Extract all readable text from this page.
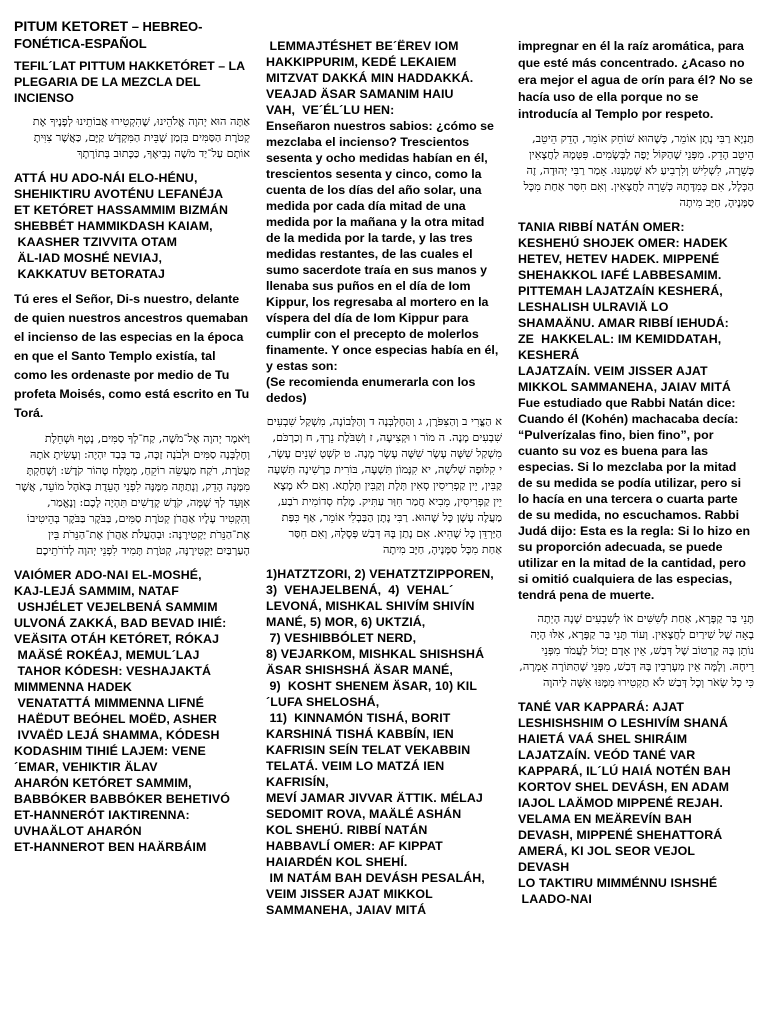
PITUM KETORET – HEBREO-FONÉTICA-ESPAÑOL

TEFIL´LAT PITTUM HAKKETÓRET – LA PLEGARIA DE LA MEZCLA DEL INCIENSO

אַתָּה הוּא יְהוָה אֱלֹהֵינוּ, שֶׁהִקְטִירוּ אֲבוֹתֵינוּ לְפָנֶיךָ אֶת קְטֹרֶת הַסַּמִּים בִּזְמַן שֶׁבֵּית הַמִּקְדָּשׁ קַיָּם, כַּאֲשֶׁר צִוִּיתָ אוֹתָם עַל־יַד מֹשֶׁה נְבִיאֶךָ, כַּכָּתוּב בְּתוֹרָתָךְ

ATTÁ HU ADO-NÁI ELO-HÉNU,
SHEHIKTIRU AVOTÉNU LEFANÉJA
ET KETÓRET HASSAMMIM BIZMÁN
SHEBBÉT HAMMIKDASH KAIAM,
KAASHER TZIVVITA OTAM
ÄL-IAD MOSHÉ NEVIAJ,
KAKKATUV BETORATAJ

Tú eres el Señor, Di-s nuestro, delante de quien nuestros ancestros quemaban el incienso de las especias en la época en que el Santo Templo existía, tal como les ordenaste por medio de Tu profeta Moisés, como está escrito en Tu Torá.

וַיֹּאמֶר יְהוָה אֶל־מֹשֶׁה, קַח־לְךָ סַמִּים, נָטָף וּשְׁחֵלֶת וְחֶלְבְּנָה סַמִּים וּלְבֹנָה זַכָּה, בַּד בְּבַד יִהְיֶה: וְעָשִׂיתָ אֹתָהּ קְטֹרֶת, רֹקַח מַעֲשֵׂה רוֹקֵחַ, מְמֻלָּח טָהוֹר קֹדֶשׁ: וְשָׁחַקְתָּ מִמֶּנָּה הָדֵק, וְנָתַתָּה מִמֶּנָּה לִפְנֵי הָעֵדֻת בְּאֹהֶל מוֹעֵד, אֲשֶׁר אִוָּעֵד לְךָ שָׁמָּה, קֹדֶשׁ קָדָשִׁים תִּהְיֶה לָכֶם: וְנֶאֱמַר, וְהִקְטִיר עָלָיו אַהֲרֹן קְטֹרֶת סַמִּים, בַּבֹּקֶר בַּבֹּקֶר בְּהֵיטִיבוֹ אֶת־הַנֵּרֹת יַקְטִירֶנָּה: וּבְהַעֲלֹת אַהֲרֹן אֶת־הַנֵּרֹת בֵּין הָעַרְבַּיִם יַקְטִירֶנָּה, קְטֹרֶת תָּמִיד לִפְנֵי יְהוָה לְדֹרֹתֵיכֶם

VAIÓMER ADO-NAI EL-MOSHÉ,
KAJ-LEJÁ SAMMIM, NATAF
USHJÉLET VEJELBENÁ SAMMIM
ULVONÁ ZAKKÁ, BAD BEVAD IHIÉ:
VEÄSITA OTÁH KETÓRET, RÓKAJ
MAÄSÉ ROKÉAJ, MEMUL´LAJ
TAHOR KÓDESH: VESHAJAKTÁ
MIMMENNA HADEK
VENATATTÁ MIMMENNA LIFNÉ
HAËDUT BEÓHEL MOËD, ASHER
IVVAËD LEJÁ SHAMMA, KÓDESH
KODASHIM TIHIÉ LAJEM: VENE
´EMAR, VEHIKTIR ÄLAV
AHARÓN KETÓRET SAMMIM,
BABBÓKER BABBÓKER BEHETIVÓ
ET-HANNERÓT IAKTIRENNA:
UVHAÄLOT AHARÓN
ET-HANNEROT BEN HAÄRBÁIM

LEMMAJTÉSHET BE´ËREV IOM
HAKKIPPURIM, KEDÉ LEKAIEM
MITZVAT DAKKÁ MIN HADDAKKÁ.
VEAJAD ÄSAR SAMANIM HAIU
VAH,  VE´ÉL´LU HEN:

Enseñaron nuestros sabios: ¿cómo se mezclaba el incienso? Trescientos sesenta y ocho medidas habían en él, trescientos sesenta y cinco, como la cuenta de los días del año solar, una medida por cada día mitad de una medida por la mañana y la otra mitad de la medida por la tarde, y las tres medidas restantes, de las cuales el sumo sacerdote traía en sus manos y llenaba sus puños en el día de Iom Kippur, los regresaba al mortero en la víspera del día de Iom Kippur para cumplir con el precepto de molerlos finamente. Y once especias había en él, y estas son:

(Se recomienda enumerarla con los dedos)

א הַצֳּרִי ב וְהַצִּפֹּרֶן, ג וְהַחֶלְבְּנָה ד וְהַלְּבוֹנָה, מִשְׁקַל שִׁבְעִים שִׁבְעִים מָנֶה. ה מוֹר ו וּקְצִיעָה, ז וְשִׁבֹּלֶת נֵרְדְּ, ח וְכַרְכֹּם, מִשְׁקַל שִׁשָּׁה עָשָׂר שִׁשָּׁה עָשָׂר מָנֶה. ט קֹשְׁטְ שְׁנֵים עָשָׂר, י קִלּוּפָה שְׁלשָׁה, יא קִנָּמוֹן תִּשְׁעָה, בּוֹרִית כַּרְשִׁינָה תִּשְׁעָה קַבִּין, יֵין קַפְרִיסִין סְאִין תְּלָת וְקַבִּין תְּלָתָא. וְאִם לֹא מָצָא יֵין קַפְרִיסִין, מֵבִיא חֲמַר חִוַּר עַתִּיק. מֶלַח סְדוֹמִית רֹבַע, מַעֲלֶה עָשָׁן כָּל שֶׁהוּא. רַבִּי נָתָן הַבַּבְלִי אוֹמֵר, אַף כִּפַּת הַיַּרְדֵּן כָּל שֶׁהִיא. אִם נָתַן בָּהּ דְּבַשׁ פְּסָלָהּ, וְאִם חִסַּר אַחַת מִכָּל סַמָּנֶיהָ, חַיָּב מִיתָה

1)HATZTZORI, 2) VEHATZTZIPPOREN,
3)  VEHAJELBENÁ,  4)  VEHAL´
LEVONÁ, MISHKAL SHIVÍM SHIVÍN
MANÉ, 5) MOR, 6) UKTZIÁ,
7) VESHIBBÓLET NERD,
8) VEJARKOM, MISHKAL SHISHSHÁ
ÄSAR SHISHSHÁ ÄSAR MANÉ,
9)  KOSHT SHENEM ÄSAR, 10) KIL
´LUFA SHELOSHÁ,
11)  KINNAMÓN TISHÁ, BORIT
KARSHINÁ TISHÁ KABBÍN, IEN
KAFRISIN SEÍN TELAT VEKABBIN
TELATÁ. VEIM LO MATZÁ IEN
KAFRISÍN,
MEVÍ JAMAR JIVVAR ÄTTIK. MÉLAJ
SEDOMIT ROVA, MAÄLÉ ASHÁN
KOL SHEHÚ. RIBBÍ NATÁN
HABBAVLÍ OMER: AF KIPPAT
HAIARDÉN KOL SHEHÍ.
IM NATÁM BAH DEVÁSH PESALÁH,
VEIM JISSER AJAT MIKKOL
SAMMANEHA, JAIAV MITÁ

impregnar en él la raíz aromática, para que esté más concentrado. ¿Acaso no era mejor el agua de orín para él? No se hacía uso de ella porque no se introducía al Templo por respeto.

תַּנְיָא רַבִּי נָתָן אוֹמֵר, כְּשֶׁהוּא שׁוֹחֵק אוֹמֵר, הָדֵק הֵיטֵב, הֵיטֵב הָדֵק. מִפְּנֵי שֶׁהַקּוֹל יָפֶה לַבְּשָׂמִים. פִּטְּמָהּ לַחֲצָאִין כְּשֵׁרָה, לִשְׁלִישׁ וְלִרְבִיעַ לֹא שָׁמַעְנוּ. אָמַר רַבִּי יְהוּדָה, זֶה הַכְּלָל, אִם כְּמִדָּתָהּ כְּשֵׁרָה לַחֲצָאִין. וְאִם חִסַּר אַחַת מִכָּל סַמָּנֶיהָ, חַיָּב מִיתָה

TANIA RIBBÍ NATÁN OMER:
KESHEHÚ SHOJEK OMER: HADEK
HETEV, HETEV HADEK. MIPPENÉ
SHEHAKKOL IAFÉ LABBESAMIM.
PITTEMAH LAJATZAÍN KESHERÁ,
LESHALISH ULRAVIÄ LO
SHAMAÄNU. AMAR RIBBÍ IEHUDÁ:
ZE  HAKKELAL: IM KEMIDDATAH,
KESHERÁ
LAJATZAÍN. VEIM JISSER AJAT
MIKKOL SAMMANEHA, JAIAV MITÁ

Fue estudiado que Rabbi Natán dice: Cuando él (Kohén) machacaba decía: “Pulverízalas fino, bien fino”, por cuanto su voz es buena para las especias. Si lo mezclaba por la mitad de su medida se podía utilizar, pero si lo hacía en una tercera o cuarta parte de su medida, no escuchamos. Rabbi Judá dijo: Esta es la regla: Si lo hizo en su proporción adecuada, se puede utilizar en la mitad de la cantidad, pero si omitió cualquiera de las especias, tendrá pena de muerte.

תָּנֵי בַּר קַפָּרָא, אַחַת לְשִׁשִּׁים אוֹ לְשִׁבְעִים שָׁנָה הָיְתָה בָאָה שֶׁל שִׁירַיִם לַחֲצָאִין. וְעוֹד תָּנֵי בַּר קַפָּרָא, אִלּוּ הָיָה נוֹתֵן בָּהּ קָרְטוֹב שֶׁל דְּבַשׁ, אֵין אָדָם יָכוֹל לַעֲמֹד מִפְּנֵי רֵיחָהּ. וְלָמָּה אֵין מְעָרְבִין בָּהּ דְּבַשׁ, מִפְּנֵי שֶׁהַתּוֹרָה אָמְרָה, כִּי כָל שְׂאֹר וְכָל דְּבַשׁ לֹא תַקְטִירוּ מִמֶּנּוּ אִשֶּׁה לַיהוָה

TANÉ VAR KAPPARÁ: AJAT
LESHISHSHIM O LESHIVÍM SHANÁ
HAIETÁ VAÁ SHEL SHIRÁIM
LAJATZAÍN. VEÓD TANÉ VAR
KAPPARÁ, IL´LÚ HAIÁ NOTÉN BAH
KORTOV SHEL DEVÁSH, EN ADAM
IAJOL LAÄMOD MIPPENÉ REJAH.
VELAMA EN MEÄREVÍN BAH
DEVASH, MIPPENÉ SHEHATTORÁ
AMERÁ, KI JOL SEOR VEJOL
DEVASH
LO TAKTIRU MIMMÉNNU ISHSHÉ
LAADO-NAI
